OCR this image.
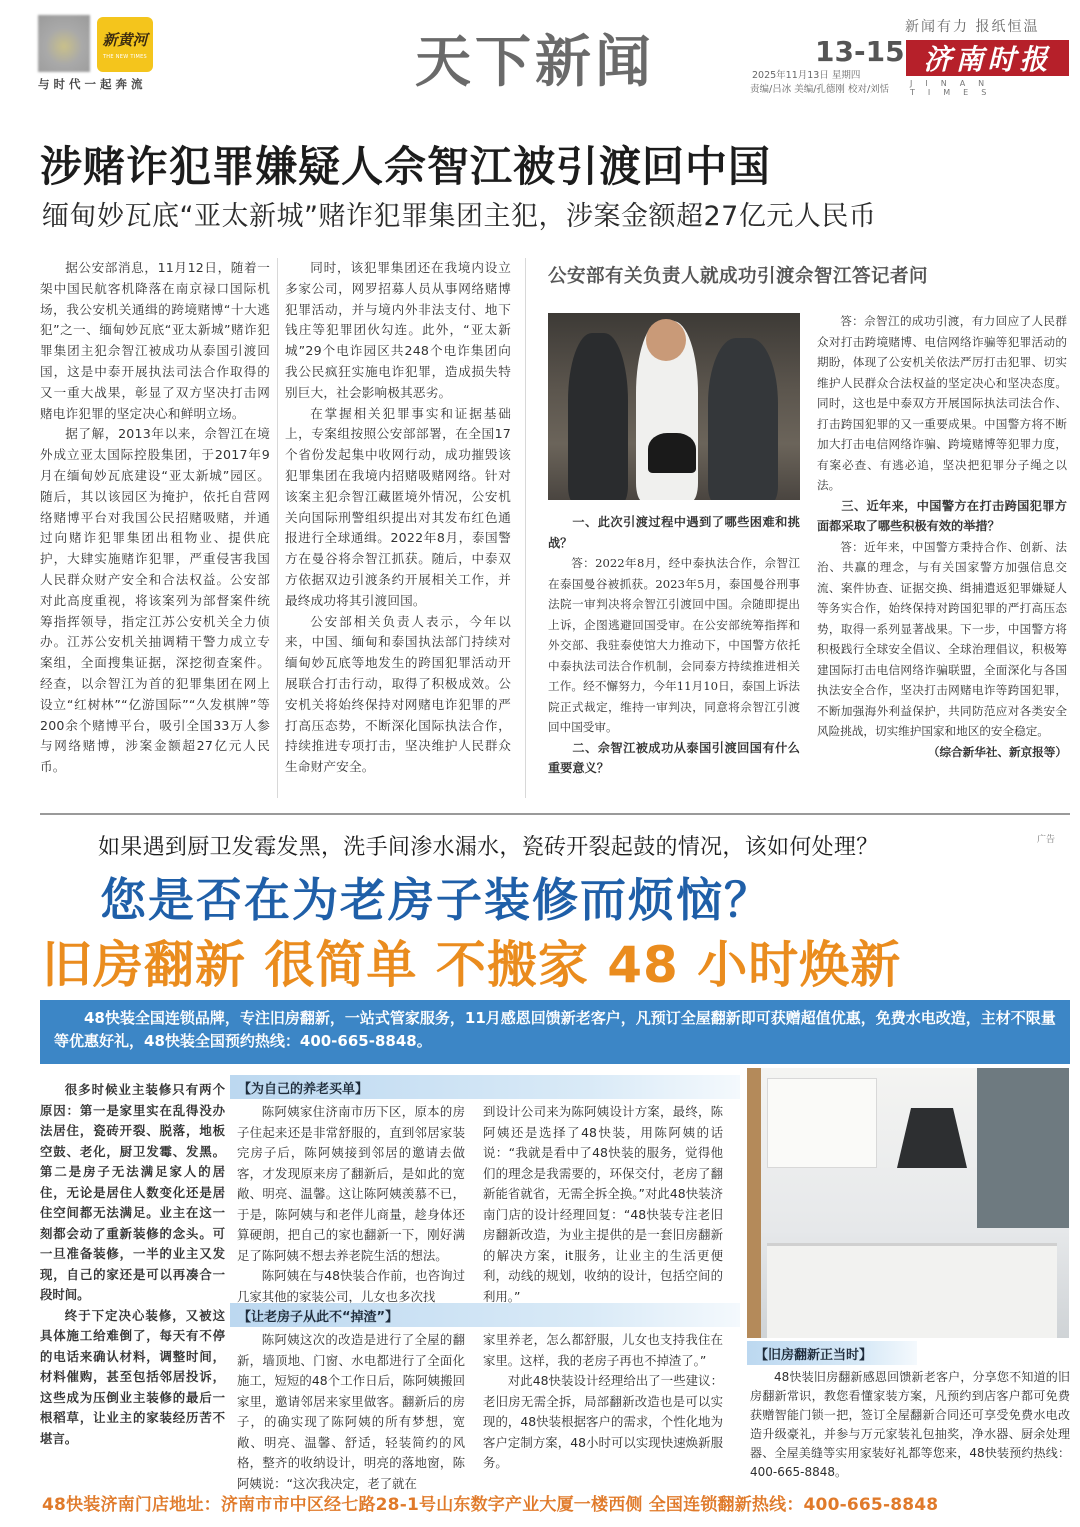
新黄河
THE NEW TIMES
与时代一起奔流	天下新闻	13-15
2025年11月13日 星期四
责编/吕冰 美编/孔德刚 校对/刘恬
新闻有力 报纸恒温
济南时报
JINAN TIMES
涉赌诈犯罪嫌疑人佘智江被引渡回中国
缅甸妙瓦底“亚太新城”赌诈犯罪集团主犯，涉案金额超27亿元人民币

据公安部消息，11月12日，随着一架中国民航客机降落在南京禄口国际机场，我公安机关通缉的跨境赌博“十大逃犯”之一、缅甸妙瓦底“亚太新城”赌诈犯罪集团主犯佘智江被成功从泰国引渡回国，这是中泰开展执法司法合作取得的又一重大战果，彰显了双方坚决打击网赌电诈犯罪的坚定决心和鲜明立场。

据了解，2013年以来，佘智江在境外成立亚太国际控股集团，于2017年9月在缅甸妙瓦底建设“亚太新城”园区。随后，其以该园区为掩护，依托自营网络赌博平台对我国公民招赌吸赌，并通过向赌诈犯罪集团出租物业、提供庇护，大肆实施赌诈犯罪，严重侵害我国人民群众财产安全和合法权益。公安部对此高度重视，将该案列为部督案件统筹指挥领导，指定江苏公安机关全力侦办。江苏公安机关抽调精干警力成立专案组，全面搜集证据，深挖彻查案件。经查，以佘智江为首的犯罪集团在网上设立“红树林”“亿游国际”“久发棋牌”等200余个赌博平台，吸引全国33万人参与网络赌博，涉案金额超27亿元人民币。

同时，该犯罪集团还在我境内设立多家公司，网罗招募人员从事网络赌博犯罪活动，并与境内外非法支付、地下钱庄等犯罪团伙勾连。此外，“亚太新城”29个电诈园区共248个电诈集团向我公民疯狂实施电诈犯罪，造成损失特别巨大，社会影响极其恶劣。

在掌握相关犯罪事实和证据基础上，专案组按照公安部部署，在全国17个省份发起集中收网行动，成功摧毁该犯罪集团在我境内招赌吸赌网络。针对该案主犯佘智江藏匿境外情况，公安机关向国际刑警组织提出对其发布红色通报进行全球通缉。2022年8月，泰国警方在曼谷将佘智江抓获。随后，中泰双方依据双边引渡条约开展相关工作，并最终成功将其引渡回国。

公安部相关负责人表示，今年以来，中国、缅甸和泰国执法部门持续对缅甸妙瓦底等地发生的跨国犯罪活动开展联合打击行动，取得了积极成效。公安机关将始终保持对网赌电诈犯罪的严打高压态势，不断深化国际执法合作，持续推进专项打击，坚决维护人民群众生命财产安全。

公安部有关负责人就成功引渡佘智江答记者问

一、此次引渡过程中遇到了哪些困难和挑战？

答：2022年8月，经中泰执法合作，佘智江在泰国曼谷被抓获。2023年5月，泰国曼谷刑事法院一审判决将佘智江引渡回中国。佘随即提出上诉，企图逃避回国受审。在公安部统筹指挥和外交部、我驻泰使馆大力推动下，中国警方依托中泰执法司法合作机制，会同泰方持续推进相关工作。经不懈努力，今年11月10日，泰国上诉法院正式裁定，维持一审判决，同意将佘智江引渡回中国受审。

二、佘智江被成功从泰国引渡回国有什么重要意义？

答：佘智江的成功引渡，有力回应了人民群众对打击跨境赌博、电信网络诈骗等犯罪活动的期盼，体现了公安机关依法严厉打击犯罪、切实维护人民群众合法权益的坚定决心和坚决态度。同时，这也是中泰双方开展国际执法司法合作、打击跨国犯罪的又一重要成果。中国警方将不断加大打击电信网络诈骗、跨境赌博等犯罪力度，有案必查、有逃必追，坚决把犯罪分子绳之以法。

三、近年来，中国警方在打击跨国犯罪方面都采取了哪些积极有效的举措？

答：近年来，中国警方秉持合作、创新、法治、共赢的理念，与有关国家警方加强信息交流、案件协查、证据交换、缉捕遣返犯罪嫌疑人等务实合作，始终保持对跨国犯罪的严打高压态势，取得一系列显著战果。下一步，中国警方将积极践行全球安全倡议、全球治理倡议，积极筹建国际打击电信网络诈骗联盟，全面深化与各国执法安全合作，坚决打击网赌电诈等跨国犯罪，不断加强海外利益保护，共同防范应对各类安全风险挑战，切实维护国家和地区的安全稳定。

（综合新华社、新京报等）
如果遇到厨卫发霉发黑，洗手间渗水漏水，瓷砖开裂起鼓的情况，该如何处理？	广告
您是否在为老房子装修而烦恼？
旧房翻新 很简单 不搬家 48 小时焕新
48快装全国连锁品牌，专注旧房翻新，一站式管家服务，11月感恩回馈新老客户，凡预订全屋翻新即可获赠超值优惠，免费水电改造，主材不限量等优惠好礼，48快装全国预约热线：400-665-8848。

很多时候业主装修只有两个原因：第一是家里实在乱得没办法居住，瓷砖开裂、脱落，地板空鼓、老化，厨卫发霉、发黑。第二是房子无法满足家人的居住，无论是居住人数变化还是居住空间都无法满足。业主在这一刻都会动了重新装修的念头。可一旦准备装修，一半的业主又发现，自己的家还是可以再凑合一段时间。

终于下定决心装修，又被这具体施工给难倒了，每天有不停的电话来确认材料，调整时间，材料催购，甚至包括邻居投诉，这些成为压倒业主装修的最后一根稻草，让业主的家装经历苦不堪言。

【为自己的养老买单】

陈阿姨家住济南市历下区，原本的房子住起来还是非常舒服的，直到邻居家装完房子后，陈阿姨接到邻居的邀请去做客，才发现原来房了翻新后，是如此的宽敞、明亮、温馨。这让陈阿姨羡慕不已，于是，陈阿姨与和老伴儿商量，趁身体还算硬朗，把自己的家也翻新一下，刚好满足了陈阿姨不想去养老院生活的想法。

陈阿姨在与48快装合作前，也咨询过几家其他的家装公司，儿女也多次找

到设计公司来为陈阿姨设计方案，最终，陈阿姨还是选择了48快装，用陈阿姨的话说：“我就是看中了48快装的服务，觉得他们的理念是我需要的，环保交付，老房了翻新能省就省，无需全拆全换。”对此48快装济南门店的设计经理回复：“48快装专注老旧房翻新改造，为业主提供的是一套旧房翻新的解决方案，it服务，让业主的生活更便利，动线的规划，收纳的设计，包括空间的利用。”

【让老房子从此不“掉渣”】

陈阿姨这次的改造是进行了全屋的翻新，墙顶地、门窗、水电都进行了全面化施工，短短的48个工作日后，陈阿姨搬回家里，邀请邻居来家里做客。翻新后的房子，的确实现了陈阿姨的所有梦想，宽敞、明亮、温馨、舒适，轻装简约的风格，整齐的收纳设计，明亮的落地窗，陈阿姨说：“这次我决定，老了就在

家里养老，怎么都舒服，儿女也支持我住在家里。这样，我的老房子再也不掉渣了。”

对此48快装设计经理给出了一些建议：老旧房无需全拆，局部翻新改造也是可以实现的，48快装根据客户的需求，个性化地为客户定制方案，48小时可以实现快速焕新服务。

【旧房翻新正当时】

48快装旧房翻新感恩回馈新老客户，分享您不知道的旧房翻新常识，教您看懂家装方案，凡预约到店客户都可免费获赠智能门锁一把，签订全屋翻新合同还可享受免费水电改造升级豪礼，并参与万元家装礼包抽奖，净水器、厨余处理器、全屋美缝等实用家装好礼都等您来，48快装预约热线：400-665-8848。

48快装济南门店地址：济南市市中区经七路28-1号山东数字产业大厦一楼西侧 全国连锁翻新热线：400-665-8848
